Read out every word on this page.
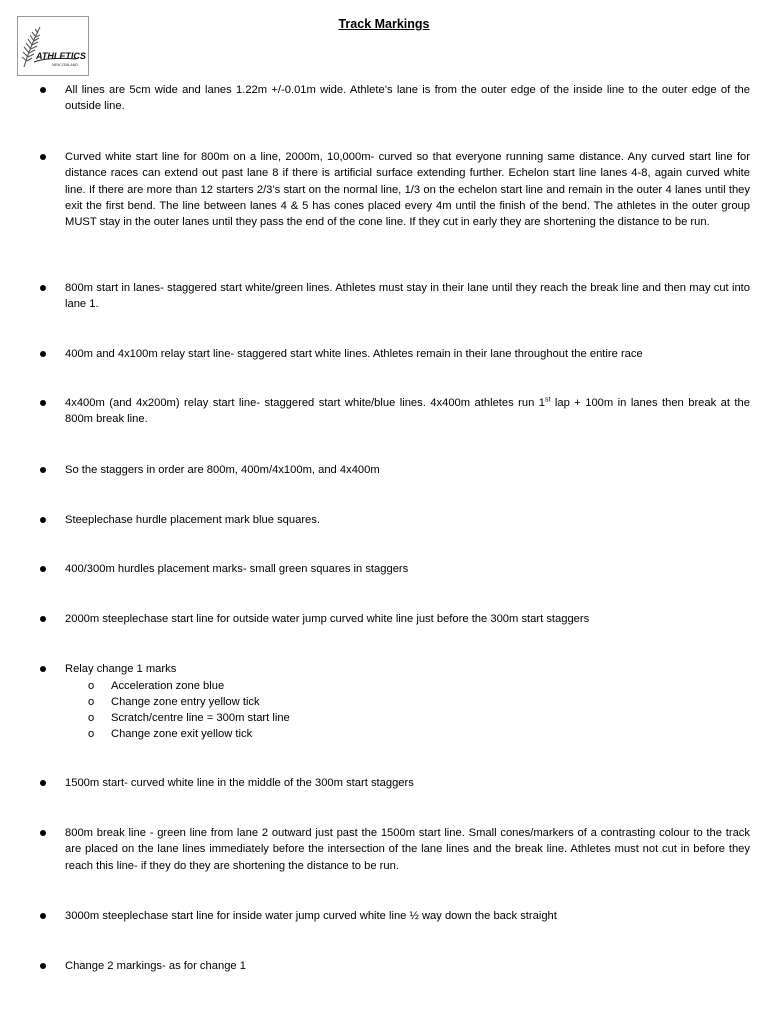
ATHLETICS
NEW ZEALAND
Track Markings
All lines are 5cm wide and lanes 1.22m +/-0.01m wide. Athlete’s lane is from the outer edge of the inside line to the outer edge of the outside line.
Curved white start line for 800m on a line, 2000m, 10,000m- curved so that everyone running same distance. Any curved start line for distance races can extend out past lane 8 if there is artificial surface extending further. Echelon start line lanes 4-8, again curved white line. If there are more than 12 starters 2/3’s start on the normal line, 1/3 on the echelon start line and remain in the outer 4 lanes until they exit the first bend. The line between lanes 4 & 5 has cones placed every 4m until the finish of the bend. The athletes in the outer group MUST stay in the outer lanes until they pass the end of the cone line. If they cut in early they are shortening the distance to be run.
800m start in lanes- staggered start white/green lines. Athletes must stay in their lane until they reach the break line and then may cut into lane 1.
400m and 4x100m relay start line- staggered start white lines. Athletes remain in their lane throughout the entire race
4x400m (and 4x200m) relay start line- staggered start white/blue lines. 4x400m athletes run 1st lap + 100m in lanes then break at the 800m break line.
So the staggers in order are 800m, 400m/4x100m, and 4x400m
Steeplechase hurdle placement mark blue squares.
400/300m hurdles placement marks- small green squares in staggers
2000m steeplechase start line for outside water jump curved white line just before the 300m start staggers
Relay change 1 marks
o Acceleration zone blue
o Change zone entry yellow tick
o Scratch/centre line = 300m start line
o Change zone exit yellow tick
1500m start- curved white line in the middle of the 300m start staggers
800m break line - green line from lane 2 outward just past the 1500m start line. Small cones/markers of a contrasting colour to the track are placed on the lane lines immediately before the intersection of the lane lines and the break line. Athletes must not cut in before they reach this line- if they do they are shortening the distance to be run.
3000m steeplechase start line for inside water jump curved white line ½ way down the back straight
Change 2 markings- as for change 1
